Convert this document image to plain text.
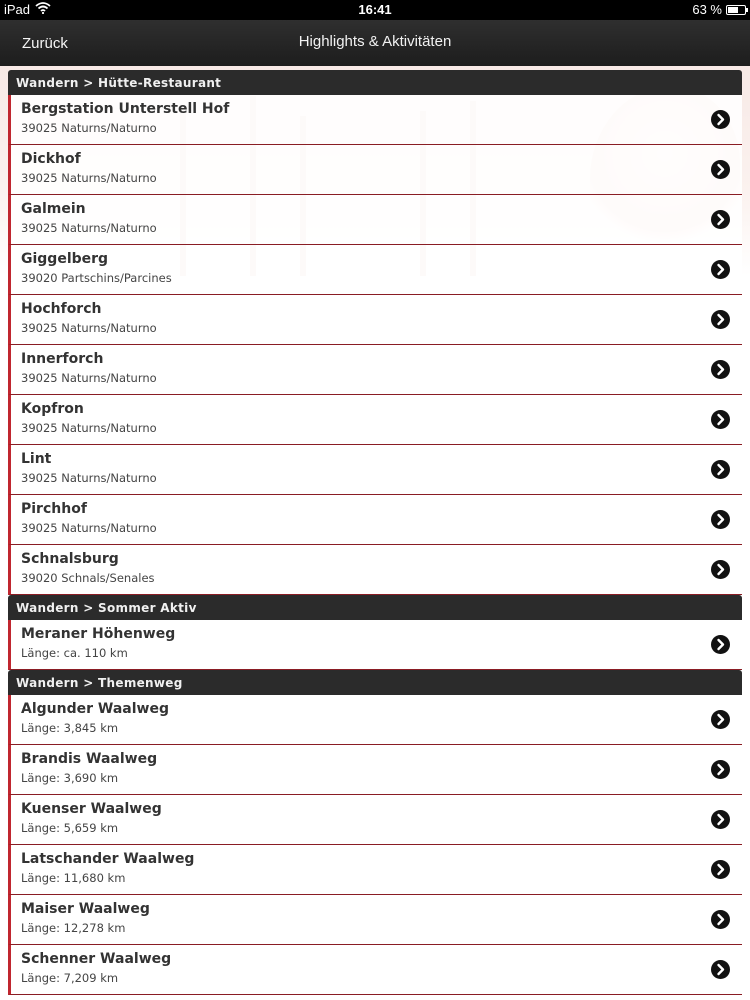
iPad	16:41	63 %
Zurück	Highlights & Aktivitäten
Wandern > Hütte-Restaurant
Bergstation Unterstell Hof
39025 Naturns/Naturno
Dickhof
39025 Naturns/Naturno
Galmein
39025 Naturns/Naturno
Giggelberg
39020 Partschins/Parcines
Hochforch
39025 Naturns/Naturno
Innerforch
39025 Naturns/Naturno
Kopfron
39025 Naturns/Naturno
Lint
39025 Naturns/Naturno
Pirchhof
39025 Naturns/Naturno
Schnalsburg
39020 Schnals/Senales
Wandern > Sommer Aktiv
Meraner Höhenweg
Länge: ca. 110 km
Wandern > Themenweg
Algunder Waalweg
Länge: 3,845 km
Brandis Waalweg
Länge: 3,690 km
Kuenser Waalweg
Länge: 5,659 km
Latschander Waalweg
Länge: 11,680 km
Maiser Waalweg
Länge: 12,278 km
Schenner Waalweg
Länge: 7,209 km
